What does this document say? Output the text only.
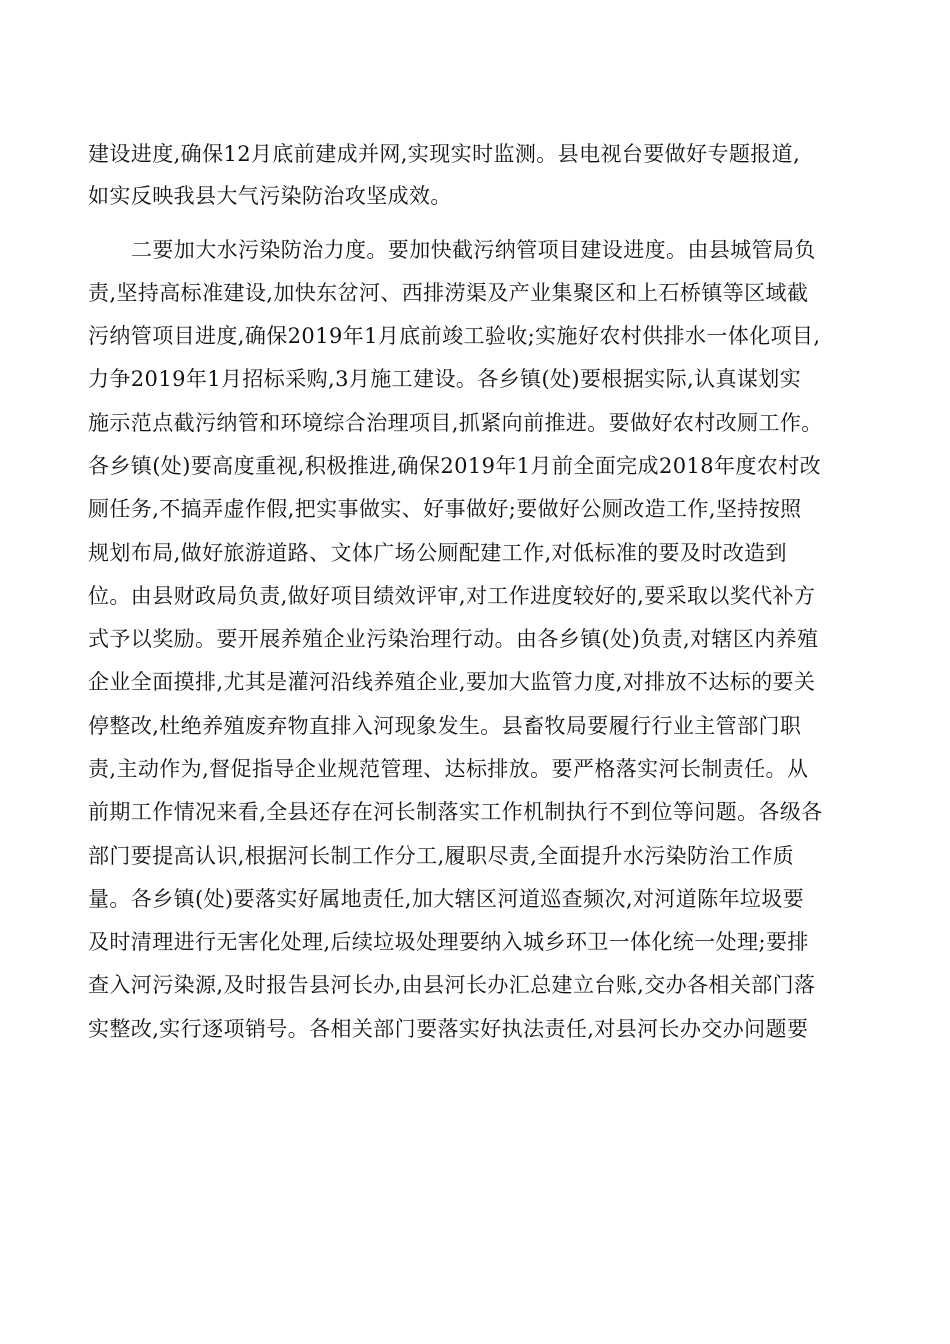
建设进度,确保12月底前建成并网,实现实时监测。县电视台要做好专题报道,
如实反映我县大气污染防治攻坚成效。
二要加大水污染防治力度。要加快截污纳管项目建设进度。由县城管局负
责,坚持高标准建设,加快东岔河、西排涝渠及产业集聚区和上石桥镇等区域截
污纳管项目进度,确保2019年1月底前竣工验收;实施好农村供排水一体化项目,
力争2019年1月招标采购,3月施工建设。各乡镇(处)要根据实际,认真谋划实
施示范点截污纳管和环境综合治理项目,抓紧向前推进。要做好农村改厕工作。
各乡镇(处)要高度重视,积极推进,确保2019年1月前全面完成2018年度农村改
厕任务,不搞弄虚作假,把实事做实、好事做好;要做好公厕改造工作,坚持按照
规划布局,做好旅游道路、文体广场公厕配建工作,对低标准的要及时改造到
位。由县财政局负责,做好项目绩效评审,对工作进度较好的,要采取以奖代补方
式予以奖励。要开展养殖企业污染治理行动。由各乡镇(处)负责,对辖区内养殖
企业全面摸排,尤其是灌河沿线养殖企业,要加大监管力度,对排放不达标的要关
停整改,杜绝养殖废弃物直排入河现象发生。县畜牧局要履行行业主管部门职
责,主动作为,督促指导企业规范管理、达标排放。要严格落实河长制责任。从
前期工作情况来看,全县还存在河长制落实工作机制执行不到位等问题。各级各
部门要提高认识,根据河长制工作分工,履职尽责,全面提升水污染防治工作质
量。各乡镇(处)要落实好属地责任,加大辖区河道巡查频次,对河道陈年垃圾要
及时清理进行无害化处理,后续垃圾处理要纳入城乡环卫一体化统一处理;要排
查入河污染源,及时报告县河长办,由县河长办汇总建立台账,交办各相关部门落
实整改,实行逐项销号。各相关部门要落实好执法责任,对县河长办交办问题要
